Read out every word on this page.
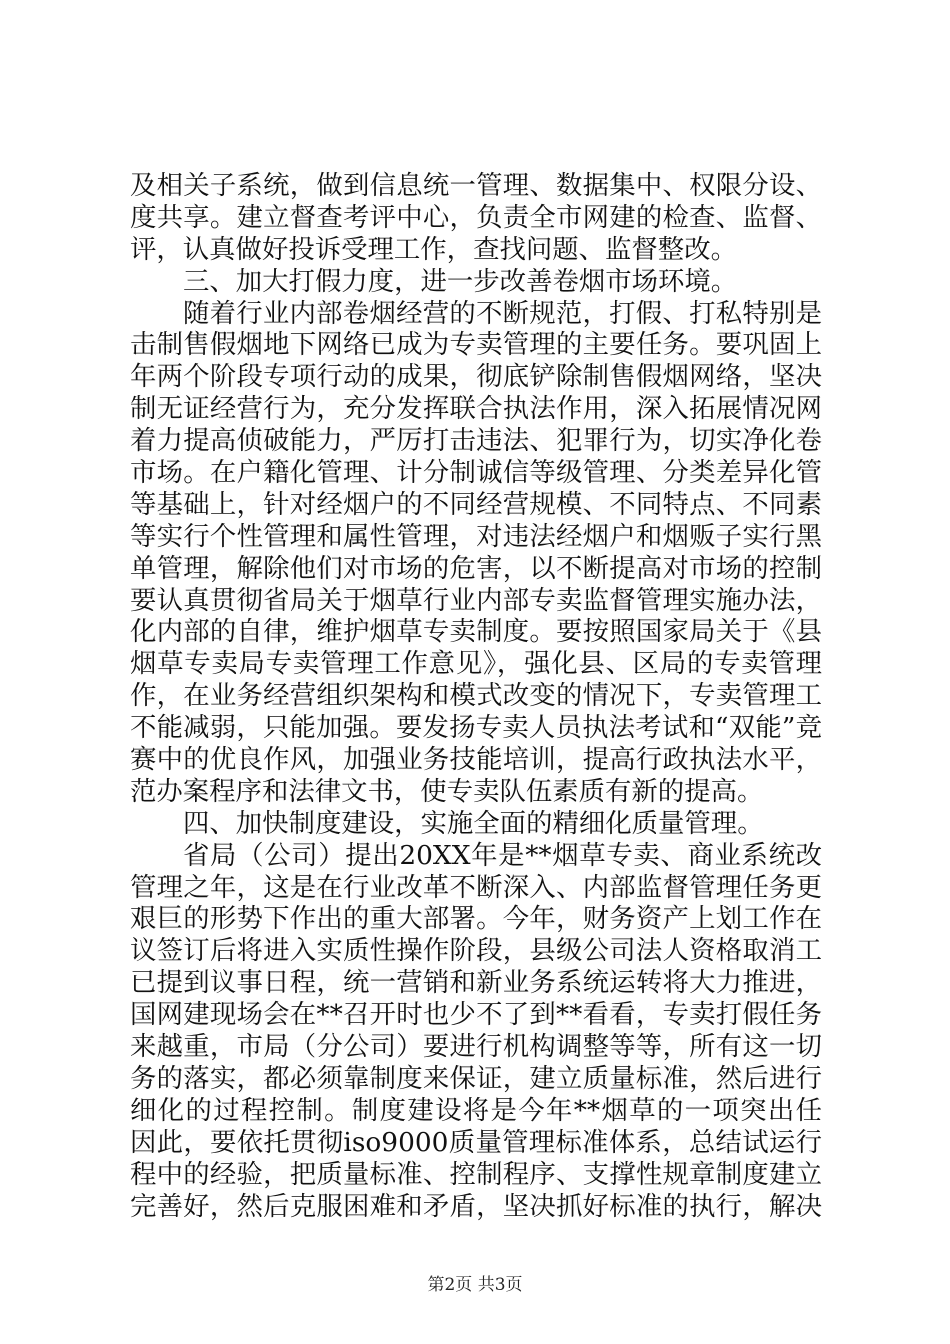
及相关子系统，做到信息统一管理、数据集中、权限分设、
度共享。建立督查考评中心，负责全市网建的检查、监督、
评，认真做好投诉受理工作，查找问题、监督整改。
三、加大打假力度，进一步改善卷烟市场环境。
随着行业内部卷烟经营的不断规范，打假、打私特别是
击制售假烟地下网络已成为专卖管理的主要任务。要巩固上
年两个阶段专项行动的成果，彻底铲除制售假烟网络，坚决
制无证经营行为，充分发挥联合执法作用，深入拓展情况网
着力提高侦破能力，严厉打击违法、犯罪行为，切实净化卷
市场。在户籍化管理、计分制诚信等级管理、分类差异化管
等基础上，针对经烟户的不同经营规模、不同特点、不同素
等实行个性管理和属性管理，对违法经烟户和烟贩子实行黑
单管理，解除他们对市场的危害，以不断提高对市场的控制
要认真贯彻省局关于烟草行业内部专卖监督管理实施办法，
化内部的自律，维护烟草专卖制度。要按照国家局关于《县
烟草专卖局专卖管理工作意见》，强化县、区局的专卖管理
作，在业务经营组织架构和模式改变的情况下，专卖管理工
不能减弱，只能加强。要发扬专卖人员执法考试和“双能”竞
赛中的优良作风，加强业务技能培训，提高行政执法水平，
范办案程序和法律文书，使专卖队伍素质有新的提高。
四、加快制度建设，实施全面的精细化质量管理。
省局（公司）提出20XX年是**烟草专卖、商业系统改
管理之年，这是在行业改革不断深入、内部监督管理任务更
艰巨的形势下作出的重大部署。今年，财务资产上划工作在
议签订后将进入实质性操作阶段，县级公司法人资格取消工
已提到议事日程，统一营销和新业务系统运转将大力推进，
国网建现场会在**召开时也少不了到**看看，专卖打假任务
来越重，市局（分公司）要进行机构调整等等，所有这一切
务的落实，都必须靠制度来保证，建立质量标准，然后进行
细化的过程控制。制度建设将是今年**烟草的一项突出任
因此，要依托贯彻iso9000质量管理标准体系，总结试运行
程中的经验，把质量标准、控制程序、支撑性规章制度建立
完善好，然后克服困难和矛盾，坚决抓好标准的执行，解决
第2页 共3页
